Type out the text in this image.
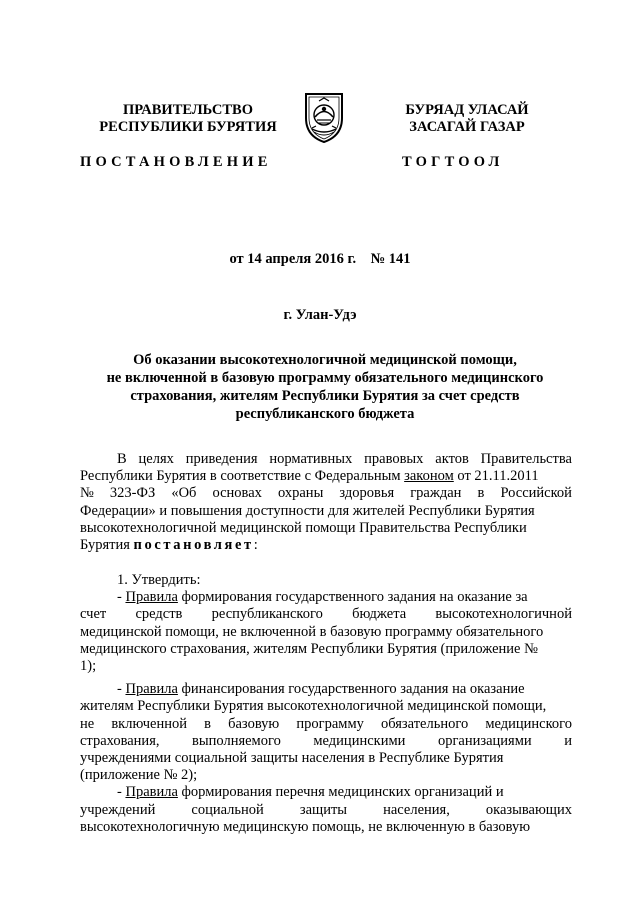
ПРАВИТЕЛЬСТВО
РЕСПУБЛИКИ БУРЯТИЯ
БУРЯАД УЛАСАЙ
ЗАСАГАЙ ГАЗАР
ПОСТАНОВЛЕНИЕ	ТОГТООЛ
от 14 апреля 2016 г.    № 141
г. Улан-Удэ
Об оказании высокотехнологичной медицинской помощи,
не включенной в базовую программу обязательного медицинского
страхования, жителям Республики Бурятия за счет средств
республиканского бюджета
В целях приведения нормативных правовых актов Правительства
Республики Бурятия в соответствие с Федеральным законом от 21.11.2011
№ 323-ФЗ «Об основах охраны здоровья граждан в Российской
Федерации» и повышения доступности для жителей Республики Бурятия
высокотехнологичной медицинской помощи Правительства Республики
Бурятия постановляет:
1. Утвердить:
- Правила формирования государственного задания на оказание за
счет средств республиканского бюджета высокотехнологичной
медицинской помощи, не включенной в базовую программу обязательного
медицинского страхования, жителям Республики Бурятия (приложение №
1);
- Правила финансирования государственного задания на оказание
жителям Республики Бурятия высокотехнологичной медицинской помощи,
не включенной в базовую программу обязательного медицинского
страхования, выполняемого медицинскими организациями и
учреждениями социальной защиты населения в Республике Бурятия
(приложение № 2);
- Правила формирования перечня медицинских организаций и
учреждений социальной защиты населения, оказывающих
высокотехнологичную медицинскую помощь, не включенную в базовую
